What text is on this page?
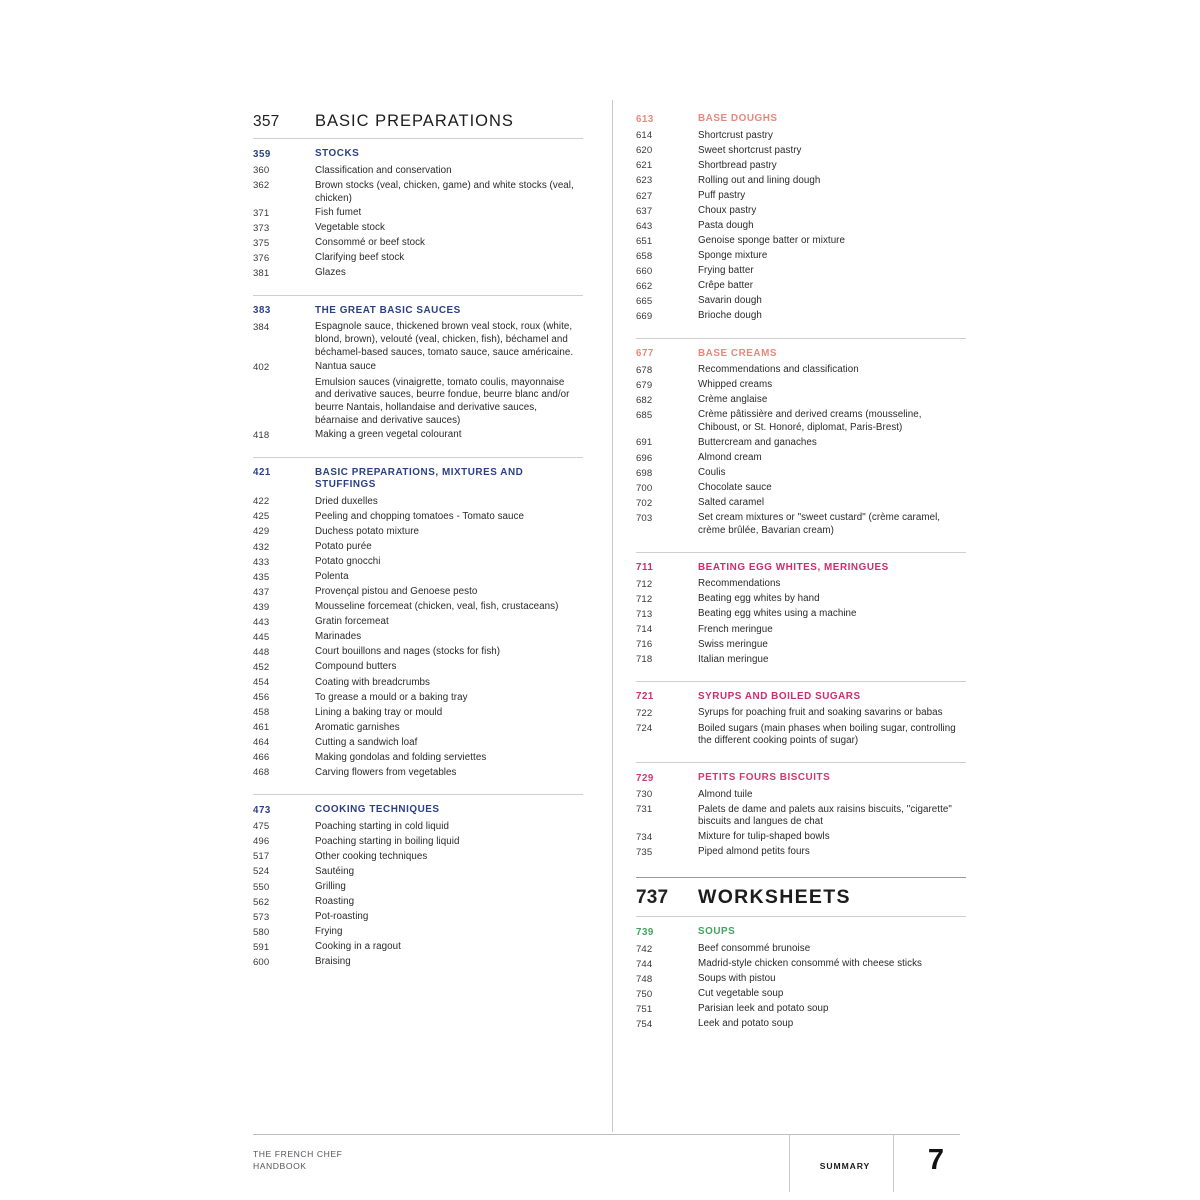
357	BASIC PREPARATIONS
359	STOCKS
360	Classification and conservation
362	Brown stocks (veal, chicken, game) and white stocks (veal, chicken)
371	Fish fumet
373	Vegetable stock
375	Consommé or beef stock
376	Clarifying beef stock
381	Glazes
383	THE GREAT BASIC SAUCES
384	Espagnole sauce, thickened brown veal stock, roux (white, blond, brown), velouté (veal, chicken, fish), béchamel and béchamel-based sauces, tomato sauce, sauce américaine.
402	Nantua sauce
Emulsion sauces (vinaigrette, tomato coulis, mayonnaise and derivative sauces, beurre fondue, beurre blanc and/or beurre Nantais, hollandaise and derivative sauces, béarnaise and derivative sauces)
418	Making a green vegetal colourant
421	BASIC PREPARATIONS, MIXTURES AND STUFFINGS
422	Dried duxelles
425	Peeling and chopping tomatoes - Tomato sauce
429	Duchess potato mixture
432	Potato purée
433	Potato gnocchi
435	Polenta
437	Provençal pistou and Genoese pesto
439	Mousseline forcemeat (chicken, veal, fish, crustaceans)
443	Gratin forcemeat
445	Marinades
448	Court bouillons and nages (stocks for fish)
452	Compound butters
454	Coating with breadcrumbs
456	To grease a mould or a baking tray
458	Lining a baking tray or mould
461	Aromatic garnishes
464	Cutting a sandwich loaf
466	Making gondolas and folding serviettes
468	Carving flowers from vegetables
473	COOKING TECHNIQUES
475	Poaching starting in cold liquid
496	Poaching starting in boiling liquid
517	Other cooking techniques
524	Sautéing
550	Grilling
562	Roasting
573	Pot-roasting
580	Frying
591	Cooking in a ragout
600	Braising
613	BASE DOUGHS
614	Shortcrust pastry
620	Sweet shortcrust pastry
621	Shortbread pastry
623	Rolling out and lining dough
627	Puff pastry
637	Choux pastry
643	Pasta dough
651	Genoise sponge batter or mixture
658	Sponge mixture
660	Frying batter
662	Crêpe batter
665	Savarin dough
669	Brioche dough
677	BASE CREAMS
678	Recommendations and classification
679	Whipped creams
682	Crème anglaise
685	Crème pâtissière and derived creams (mousseline, Chiboust, or St. Honoré, diplomat, Paris-Brest)
691	Buttercream and ganaches
696	Almond cream
698	Coulis
700	Chocolate sauce
702	Salted caramel
703	Set cream mixtures or "sweet custard" (crème caramel, crème brûlée, Bavarian cream)
711	BEATING EGG WHITES, MERINGUES
712	Recommendations
712	Beating egg whites by hand
713	Beating egg whites using a machine
714	French meringue
716	Swiss meringue
718	Italian meringue
721	SYRUPS AND BOILED SUGARS
722	Syrups for poaching fruit and soaking savarins or babas
724	Boiled sugars (main phases when boiling sugar, controlling the different cooking points of sugar)
729	PETITS FOURS BISCUITS
730	Almond tuile
731	Palets de dame and palets aux raisins biscuits, "cigarette" biscuits and langues de chat
734	Mixture for tulip-shaped bowls
735	Piped almond petits fours
737	WORKSHEETS
739	SOUPS
742	Beef consommé brunoise
744	Madrid-style chicken consommé with cheese sticks
748	Soups with pistou
750	Cut vegetable soup
751	Parisian leek and potato soup
754	Leek and potato soup
THE FRENCH CHEF
HANDBOOK	SUMMARY	7
